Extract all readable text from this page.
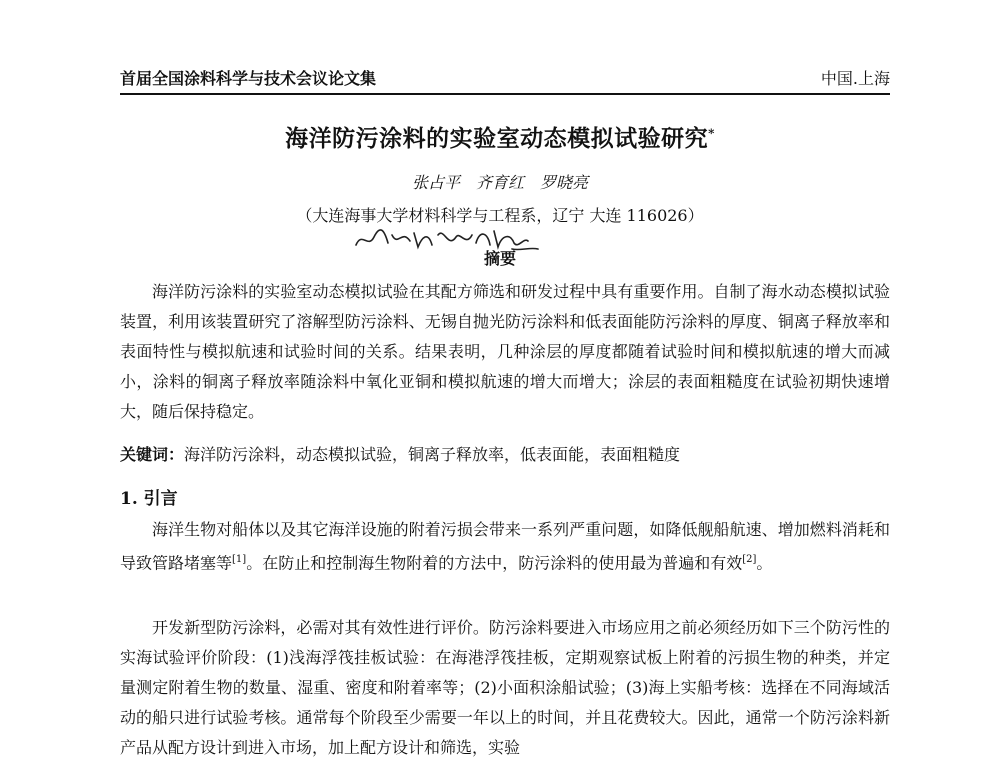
首届全国涂料科学与技术会议论文集	中国.上海
海洋防污涂料的实验室动态模拟试验研究*
张占平　齐育红　罗晓亮
（大连海事大学材料科学与工程系，辽宁 大连 116026）
摘要
海洋防污涂料的实验室动态模拟试验在其配方筛选和研发过程中具有重要作用。自制了海水动态模拟试验装置，利用该装置研究了溶解型防污涂料、无锡自抛光防污涂料和低表面能防污涂料的厚度、铜离子释放率和表面特性与模拟航速和试验时间的关系。结果表明，几种涂层的厚度都随着试验时间和模拟航速的增大而减小，涂料的铜离子释放率随涂料中氧化亚铜和模拟航速的增大而增大；涂层的表面粗糙度在试验初期快速增大，随后保持稳定。
关键词：海洋防污涂料，动态模拟试验，铜离子释放率，低表面能，表面粗糙度
1. 引言
海洋生物对船体以及其它海洋设施的附着污损会带来一系列严重问题，如降低舰船航速、增加燃料消耗和导致管路堵塞等[1]。在防止和控制海生物附着的方法中，防污涂料的使用最为普遍和有效[2]。
开发新型防污涂料，必需对其有效性进行评价。防污涂料要进入市场应用之前必须经历如下三个防污性的实海试验评价阶段：(1)浅海浮筏挂板试验：在海港浮筏挂板，定期观察试板上附着的污损生物的种类，并定量测定附着生物的数量、湿重、密度和附着率等；(2)小面积涂船试验；(3)海上实船考核：选择在不同海域活动的船只进行试验考核。通常每个阶段至少需要一年以上的时间，并且花费较大。因此，通常一个防污涂料新产品从配方设计到进入市场，加上配方设计和筛选，实验
